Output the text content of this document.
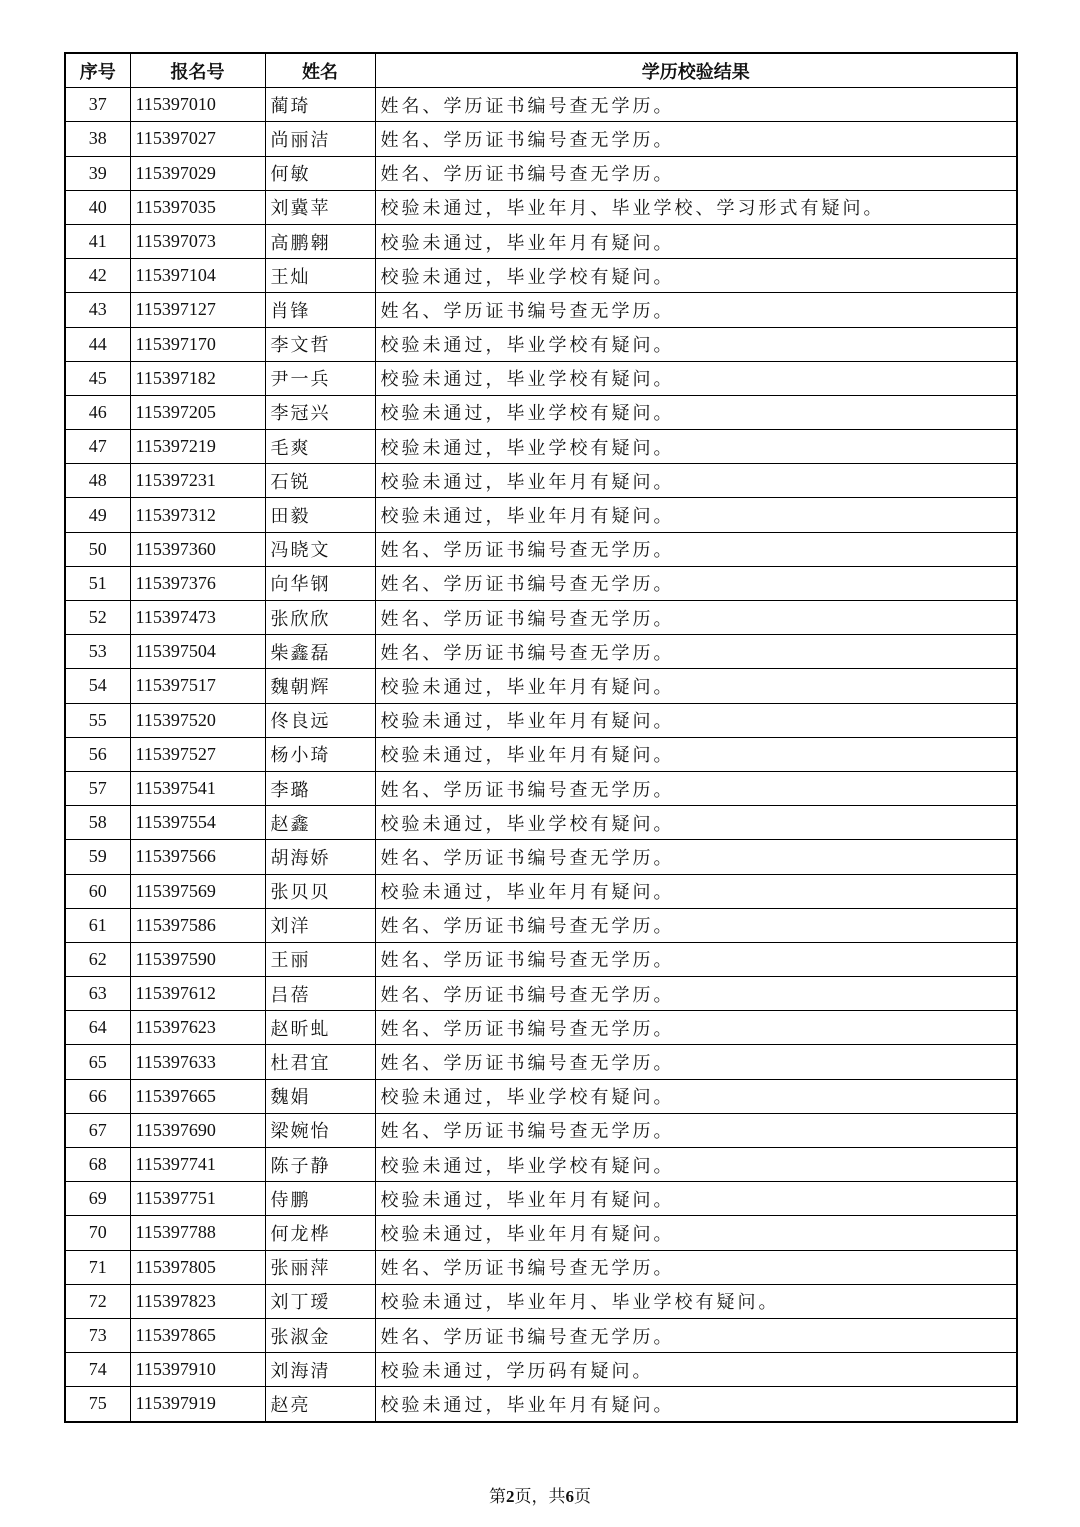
序号	报名号	姓名	学历校验结果
37	115397010	蔺琦	姓名、学历证书编号查无学历。
38	115397027	尚丽洁	姓名、学历证书编号查无学历。
39	115397029	何敏	姓名、学历证书编号查无学历。
40	115397035	刘冀苹	校验未通过，毕业年月、毕业学校、学习形式有疑问。
41	115397073	高鹏翱	校验未通过，毕业年月有疑问。
42	115397104	王灿	校验未通过，毕业学校有疑问。
43	115397127	肖锋	姓名、学历证书编号查无学历。
44	115397170	李文哲	校验未通过，毕业学校有疑问。
45	115397182	尹一兵	校验未通过，毕业学校有疑问。
46	115397205	李冠兴	校验未通过，毕业学校有疑问。
47	115397219	毛爽	校验未通过，毕业学校有疑问。
48	115397231	石锐	校验未通过，毕业年月有疑问。
49	115397312	田毅	校验未通过，毕业年月有疑问。
50	115397360	冯晓文	姓名、学历证书编号查无学历。
51	115397376	向华钢	姓名、学历证书编号查无学历。
52	115397473	张欣欣	姓名、学历证书编号查无学历。
53	115397504	柴鑫磊	姓名、学历证书编号查无学历。
54	115397517	魏朝辉	校验未通过，毕业年月有疑问。
55	115397520	佟良远	校验未通过，毕业年月有疑问。
56	115397527	杨小琦	校验未通过，毕业年月有疑问。
57	115397541	李璐	姓名、学历证书编号查无学历。
58	115397554	赵鑫	校验未通过，毕业学校有疑问。
59	115397566	胡海娇	姓名、学历证书编号查无学历。
60	115397569	张贝贝	校验未通过，毕业年月有疑问。
61	115397586	刘洋	姓名、学历证书编号查无学历。
62	115397590	王丽	姓名、学历证书编号查无学历。
63	115397612	吕蓓	姓名、学历证书编号查无学历。
64	115397623	赵昕虬	姓名、学历证书编号查无学历。
65	115397633	杜君宜	姓名、学历证书编号查无学历。
66	115397665	魏娟	校验未通过，毕业学校有疑问。
67	115397690	梁婉怡	姓名、学历证书编号查无学历。
68	115397741	陈子静	校验未通过，毕业学校有疑问。
69	115397751	侍鹏	校验未通过，毕业年月有疑问。
70	115397788	何龙桦	校验未通过，毕业年月有疑问。
71	115397805	张丽萍	姓名、学历证书编号查无学历。
72	115397823	刘丁瑷	校验未通过，毕业年月、毕业学校有疑问。
73	115397865	张淑金	姓名、学历证书编号查无学历。
74	115397910	刘海清	校验未通过，学历码有疑问。
75	115397919	赵亮	校验未通过，毕业年月有疑问。
第2页，共6页
